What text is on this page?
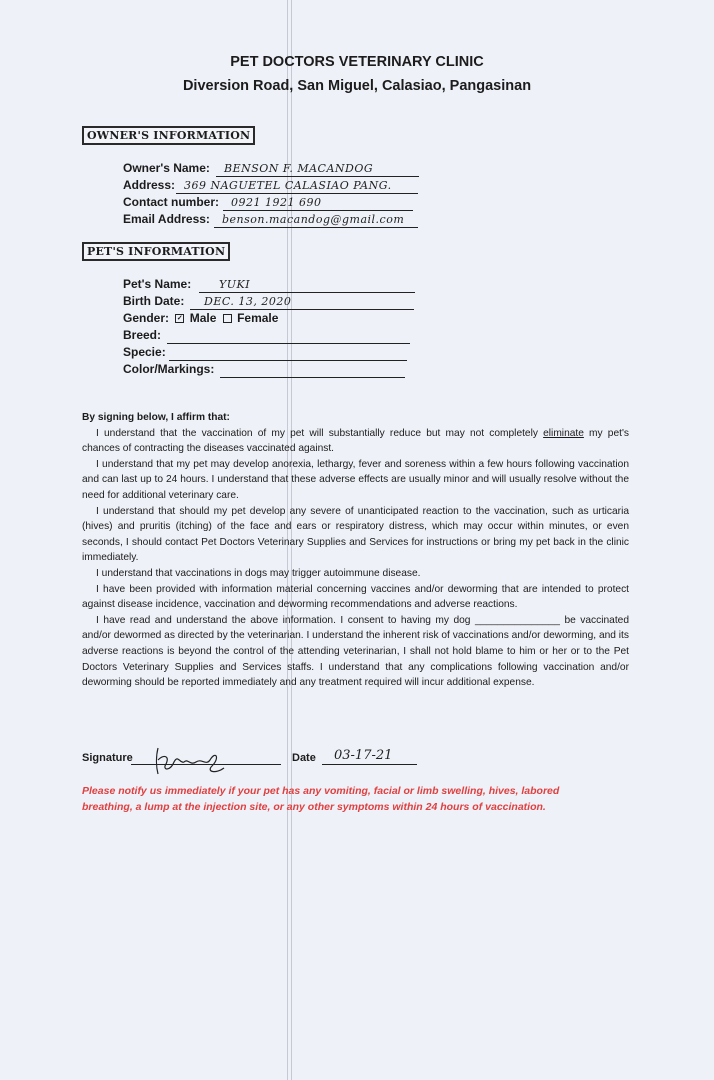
PET DOCTORS VETERINARY CLINIC
Diversion Road, San Miguel, Calasiao, Pangasinan
OWNER'S INFORMATION
Owner's Name: BENSON F. MACANDOG
Address: 369 NAGUETEL CALASIAO PANG.
Contact number: 0921 1921 690
Email Address: benson.macandog@gmail.com
PET'S INFORMATION
Pet's Name:	YUKI
Birth Date: DEC. 13, 2020
Gender: ✓ Male Female
Breed:
Specie:
Color/Markings:
By signing below, I affirm that:

I understand that the vaccination of my pet will substantially reduce but may not completely eliminate my pet's chances of contracting the diseases vaccinated against.

I understand that my pet may develop anorexia, lethargy, fever and soreness within a few hours following vaccination and can last up to 24 hours. I understand that these adverse effects are usually minor and will usually resolve without the need for additional veterinary care.

I understand that should my pet develop any severe of unanticipated reaction to the vaccination, such as urticaria (hives) and pruritis (itching) of the face and ears or respiratory distress, which may occur within minutes, or even seconds, I should contact Pet Doctors Veterinary Supplies and Services for instructions or bring my pet back in the clinic immediately.

I understand that vaccinations in dogs may trigger autoimmune disease.

I have been provided with information material concerning vaccines and/or deworming that are intended to protect against disease incidence, vaccination and deworming recommendations and adverse reactions.

I have read and understand the above information. I consent to having my dog _______________ be vaccinated and/or dewormed as directed by the veterinarian. I understand the inherent risk of vaccinations and/or deworming, and its adverse reactions is beyond the control of the attending veterinarian, I shall not hold blame to him or her or to the Pet Doctors Veterinary Supplies and Services staffs. I understand that any complications following vaccination and/or deworming should be reported immediately and any treatment required will incur additional expense.

Signature	Date 03-17-21
Please notify us immediately if your pet has any vomiting, facial or limb swelling, hives, labored breathing, a lump at the injection site, or any other symptoms within 24 hours of vaccination.
